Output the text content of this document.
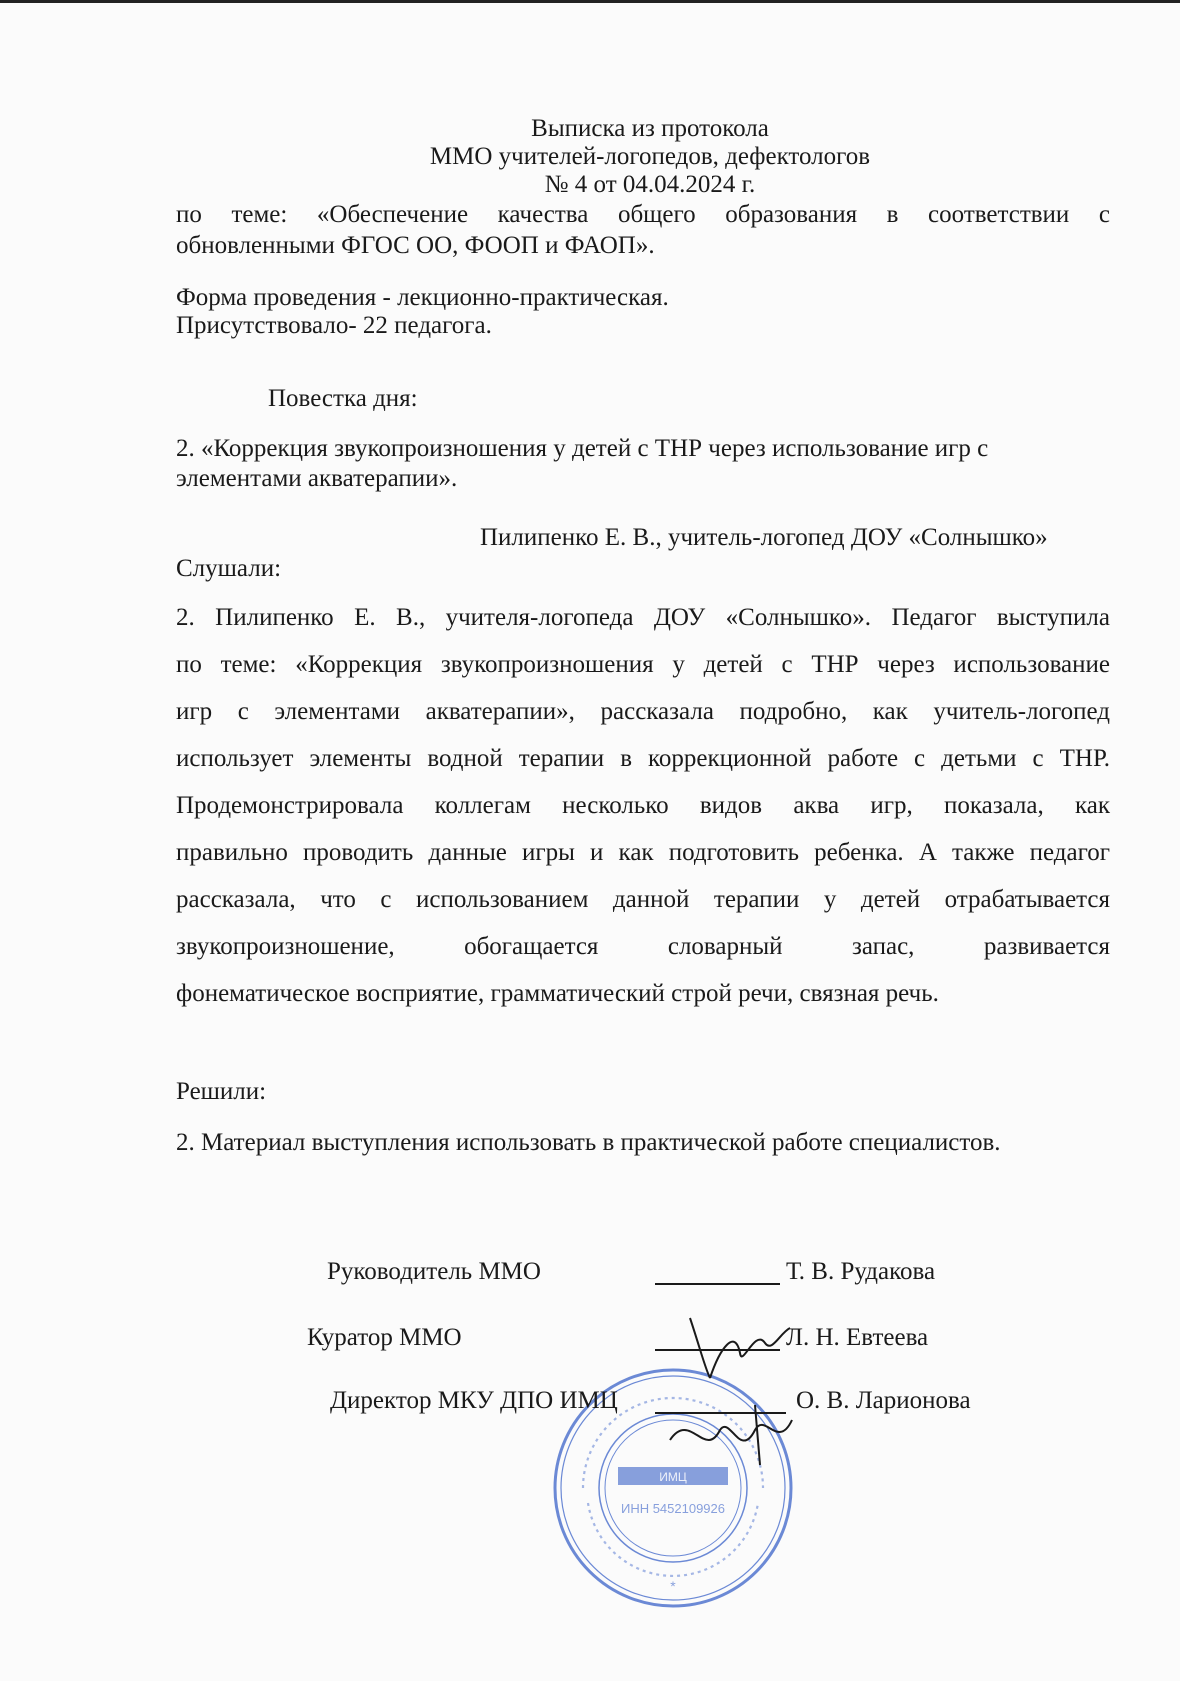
Выписка из протокола
ММО учителей-логопедов, дефектологов
№ 4 от 04.04.2024 г.
по теме: «Обеспечение качества общего образования в соответствии с
обновленными ФГОС ОО, ФООП и ФАОП».
Форма проведения - лекционно-практическая.
Присутствовало- 22 педагога.
Повестка дня:
2. «Коррекция звукопроизношения у детей с ТНР через использование игр с
элементами акватерапии».
Пилипенко Е. В., учитель-логопед ДОУ «Солнышко»
Слушали:
2. Пилипенко Е. В., учителя-логопеда ДОУ «Солнышко». Педагог выступила
по теме: «Коррекция звукопроизношения у детей с ТНР через использование
игр с элементами акватерапии», рассказала подробно, как учитель-логопед
использует элементы водной терапии в коррекционной работе с детьми с ТНР.
Продемонстрировала коллегам несколько видов аква игр, показала, как
правильно проводить данные игры и как подготовить ребенка. А также педагог
рассказала, что с использованием данной терапии у детей отрабатывается
звукопроизношение, обогащается словарный запас, развивается
фонематическое восприятие, грамматический строй речи, связная речь.
Решили:
2. Материал выступления использовать в практической работе специалистов.
ИНН 5452109926
*
ИМЦ
Руководитель ММО	Т. В. Рудакова
Куратор ММО	Л. Н. Евтеева
Директор МКУ ДПО ИМЦ	О. В. Ларионова
